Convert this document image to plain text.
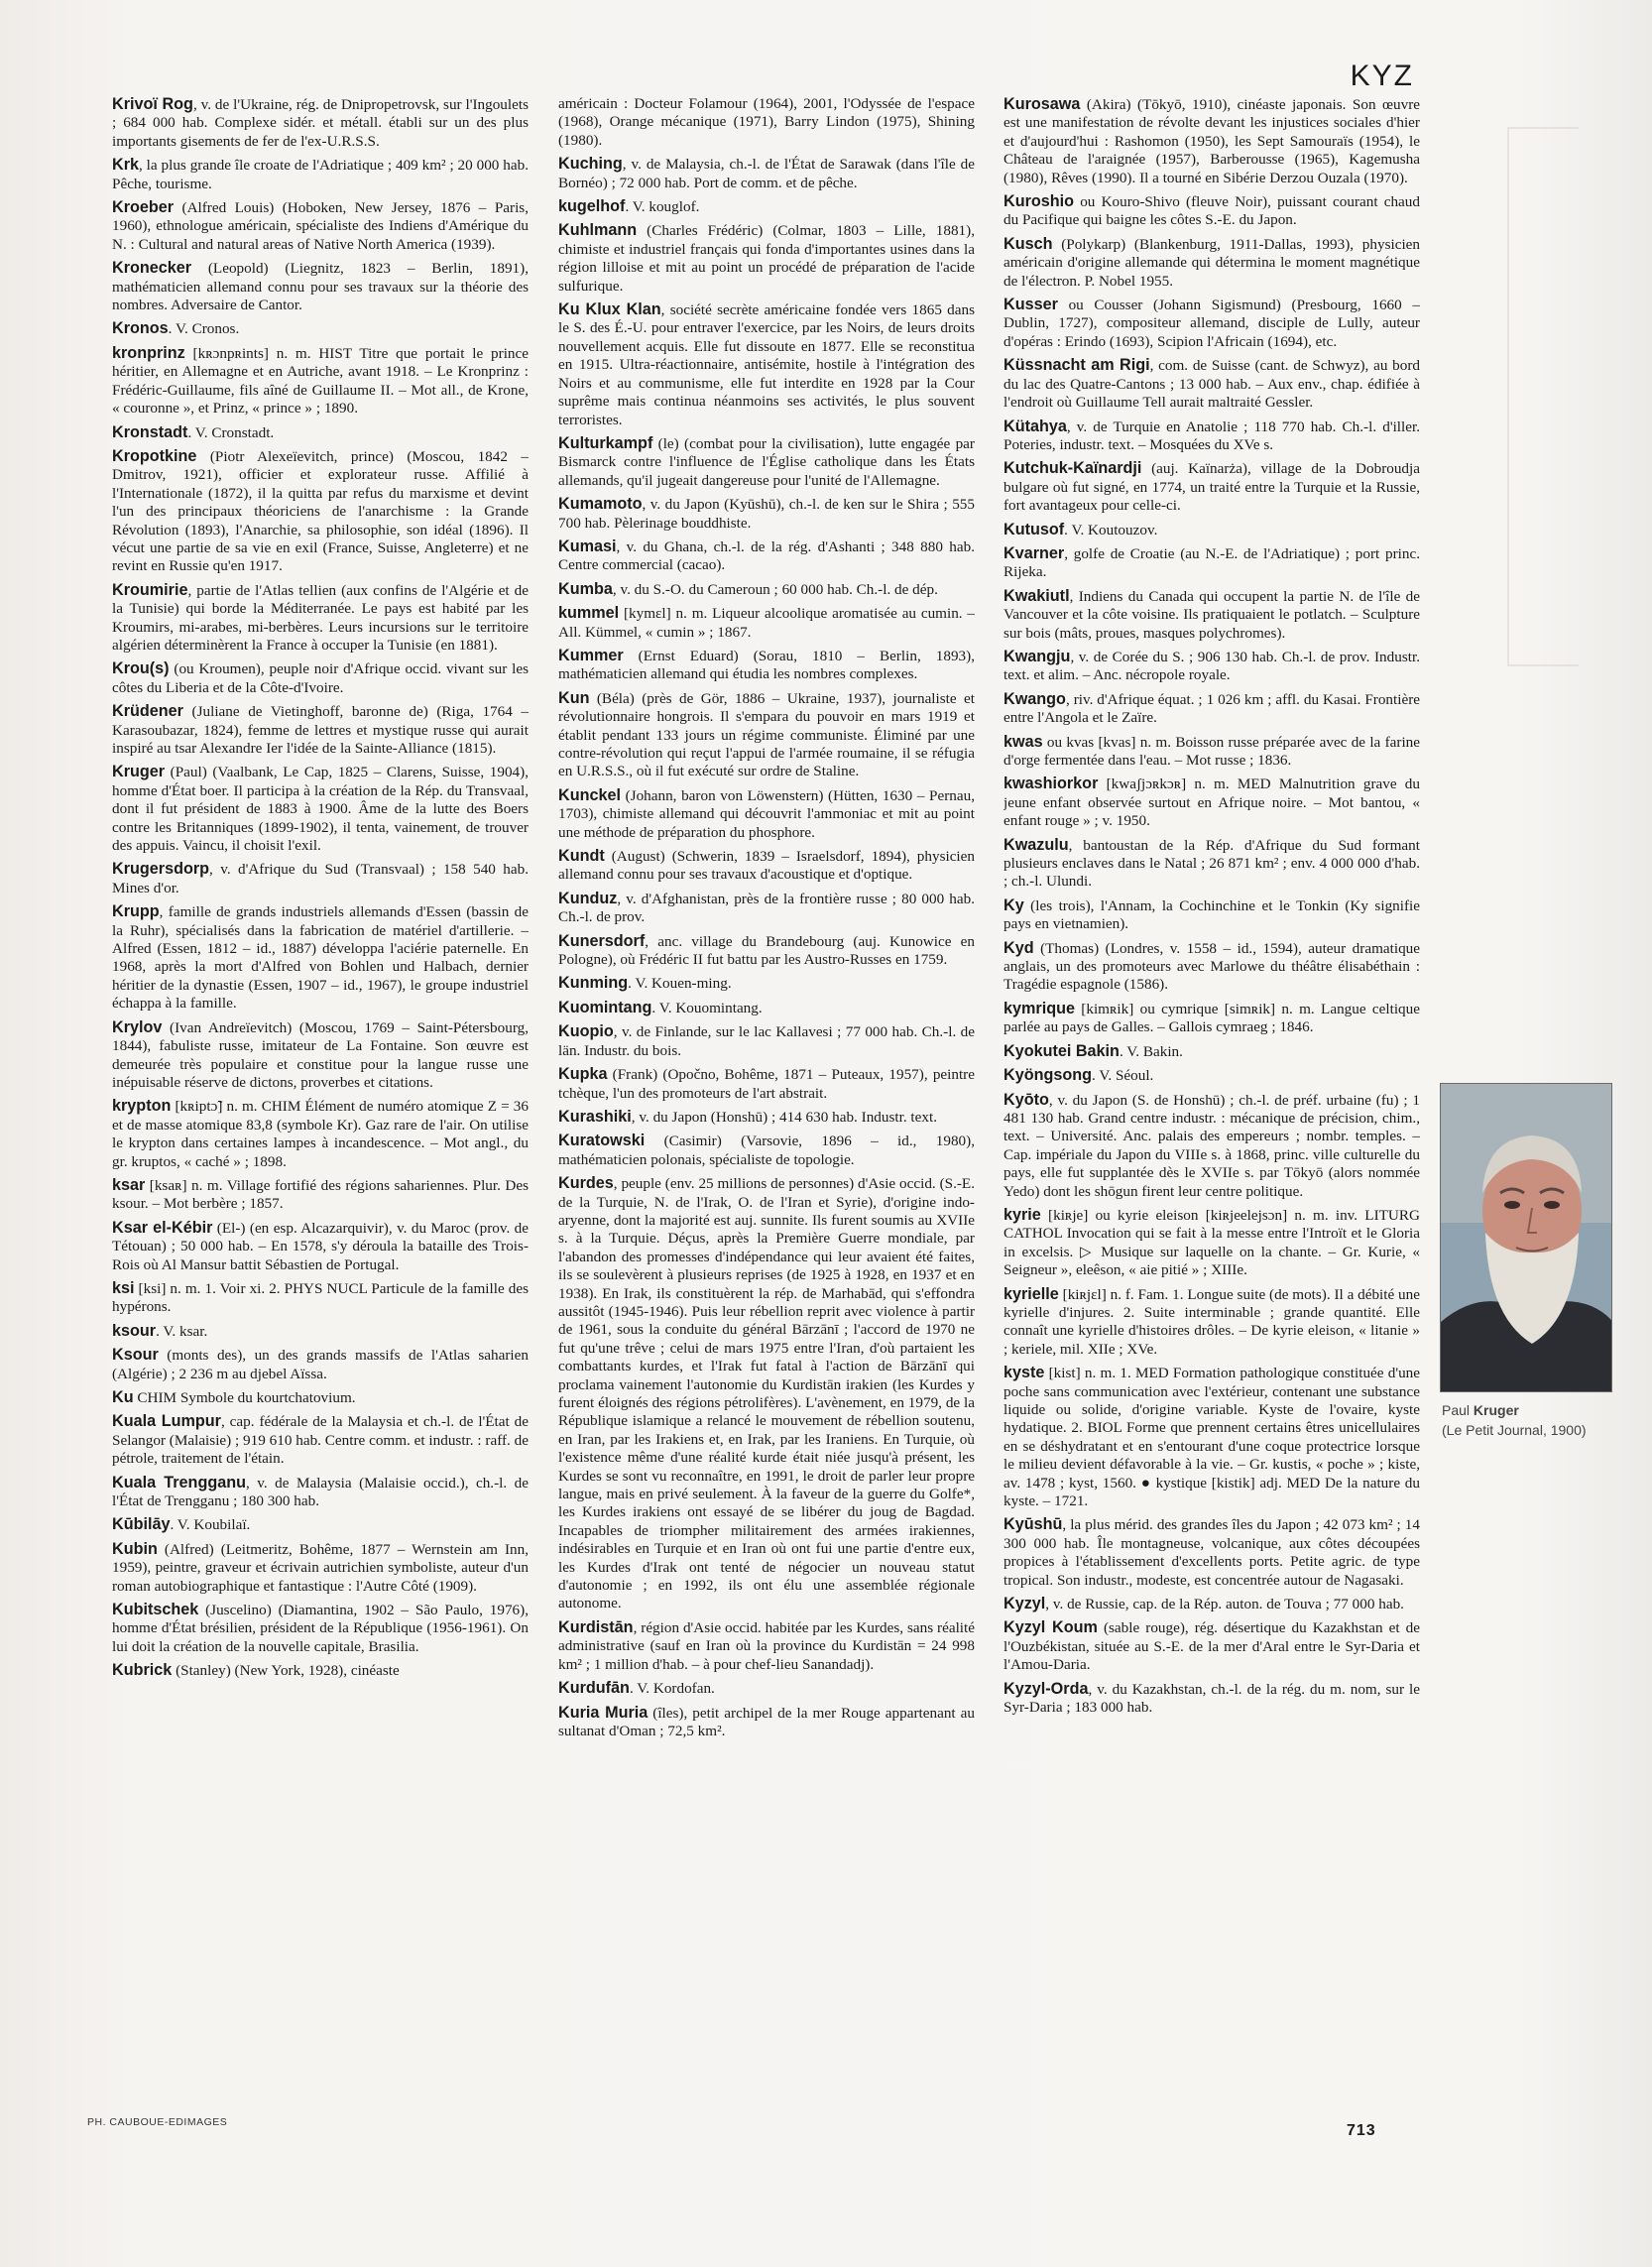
KYZ

Krivoï Rog, v. de l'Ukraine, rég. de Dnipropetrovsk, sur l'Ingoulets ; 684 000 hab. Complexe sidér. et métall. établi sur un des plus importants gisements de fer de l'ex-U.R.S.S.

Krk, la plus grande île croate de l'Adriatique ; 409 km² ; 20 000 hab. Pêche, tourisme.

Kroeber (Alfred Louis) (Hoboken, New Jersey, 1876 – Paris, 1960), ethnologue américain, spécialiste des Indiens d'Amérique du N. : Cultural and natural areas of Native North America (1939).

Kronecker (Leopold) (Liegnitz, 1823 – Berlin, 1891), mathématicien allemand connu pour ses travaux sur la théorie des nombres. Adversaire de Cantor.

Kronos. V. Cronos.

kronprinz [kʀɔnpʀints] n. m. HIST Titre que portait le prince héritier, en Allemagne et en Autriche, avant 1918. – Le Kronprinz : Frédéric-Guillaume, fils aîné de Guillaume II. – Mot all., de Krone, « couronne », et Prinz, « prince » ; 1890.

Kronstadt. V. Cronstadt.

Kropotkine (Piotr Alexeïevitch, prince) (Moscou, 1842 – Dmitrov, 1921), officier et explorateur russe. Affilié à l'Internationale (1872), il la quitta par refus du marxisme et devint l'un des principaux théoriciens de l'anarchisme : la Grande Révolution (1893), l'Anarchie, sa philosophie, son idéal (1896). Il vécut une partie de sa vie en exil (France, Suisse, Angleterre) et ne revint en Russie qu'en 1917.

Kroumirie, partie de l'Atlas tellien (aux confins de l'Algérie et de la Tunisie) qui borde la Méditerranée. Le pays est habité par les Kroumirs, mi-arabes, mi-berbères. Leurs incursions sur le territoire algérien déterminèrent la France à occuper la Tunisie (en 1881).

Krou(s) (ou Kroumen), peuple noir d'Afrique occid. vivant sur les côtes du Liberia et de la Côte-d'Ivoire.

Krüdener (Juliane de Vietinghoff, baronne de) (Riga, 1764 – Karasoubazar, 1824), femme de lettres et mystique russe qui aurait inspiré au tsar Alexandre Ier l'idée de la Sainte-Alliance (1815).

Kruger (Paul) (Vaalbank, Le Cap, 1825 – Clarens, Suisse, 1904), homme d'État boer. Il participa à la création de la Rép. du Transvaal, dont il fut président de 1883 à 1900. Âme de la lutte des Boers contre les Britanniques (1899-1902), il tenta, vainement, de trouver des appuis. Vaincu, il choisit l'exil.

Krugersdorp, v. d'Afrique du Sud (Transvaal) ; 158 540 hab. Mines d'or.

Krupp, famille de grands industriels allemands d'Essen (bassin de la Ruhr), spécialisés dans la fabrication de matériel d'artillerie. – Alfred (Essen, 1812 – id., 1887) développa l'aciérie paternelle. En 1968, après la mort d'Alfred von Bohlen und Halbach, dernier héritier de la dynastie (Essen, 1907 – id., 1967), le groupe industriel échappa à la famille.

Krylov (Ivan Andreïevitch) (Moscou, 1769 – Saint-Pétersbourg, 1844), fabuliste russe, imitateur de La Fontaine. Son œuvre est demeurée très populaire et constitue pour la langue russe une inépuisable réserve de dictons, proverbes et citations.

krypton [kʀiptɔ̃] n. m. CHIM Élément de numéro atomique Z = 36 et de masse atomique 83,8 (symbole Kr). Gaz rare de l'air. On utilise le krypton dans certaines lampes à incandescence. – Mot angl., du gr. kruptos, « caché » ; 1898.

ksar [ksaʀ] n. m. Village fortifié des régions sahariennes. Plur. Des ksour. – Mot berbère ; 1857.

Ksar el-Kébir (El-) (en esp. Alcazarquivir), v. du Maroc (prov. de Tétouan) ; 50 000 hab. – En 1578, s'y déroula la bataille des Trois-Rois où Al Mansur battit Sébastien de Portugal.

ksi [ksi] n. m. 1. Voir xi. 2. PHYS NUCL Particule de la famille des hypérons.

ksour. V. ksar.

Ksour (monts des), un des grands massifs de l'Atlas saharien (Algérie) ; 2 236 m au djebel Aïssa.

Ku CHIM Symbole du kourtchatovium.

Kuala Lumpur, cap. fédérale de la Malaysia et ch.-l. de l'État de Selangor (Malaisie) ; 919 610 hab. Centre comm. et industr. : raff. de pétrole, traitement de l'étain.

Kuala Trengganu, v. de Malaysia (Malaisie occid.), ch.-l. de l'État de Trengganu ; 180 300 hab.

Kūbilāy. V. Koubilaï.

Kubin (Alfred) (Leitmeritz, Bohême, 1877 – Wernstein am Inn, 1959), peintre, graveur et écrivain autrichien symboliste, auteur d'un roman autobiographique et fantastique : l'Autre Côté (1909).

Kubitschek (Juscelino) (Diamantina, 1902 – São Paulo, 1976), homme d'État brésilien, président de la République (1956-1961). On lui doit la création de la nouvelle capitale, Brasilia.

Kubrick (Stanley) (New York, 1928), cinéaste

américain : Docteur Folamour (1964), 2001, l'Odyssée de l'espace (1968), Orange mécanique (1971), Barry Lindon (1975), Shining (1980).

Kuching, v. de Malaysia, ch.-l. de l'État de Sarawak (dans l'île de Bornéo) ; 72 000 hab. Port de comm. et de pêche.

kugelhof. V. kouglof.

Kuhlmann (Charles Frédéric) (Colmar, 1803 – Lille, 1881), chimiste et industriel français qui fonda d'importantes usines dans la région lilloise et mit au point un procédé de préparation de l'acide sulfurique.

Ku Klux Klan, société secrète américaine fondée vers 1865 dans le S. des É.-U. pour entraver l'exercice, par les Noirs, de leurs droits nouvellement acquis. Elle fut dissoute en 1877. Elle se reconstitua en 1915. Ultra-réactionnaire, antisémite, hostile à l'intégration des Noirs et au communisme, elle fut interdite en 1928 par la Cour suprême mais continua néanmoins ses activités, le plus souvent terroristes.

Kulturkampf (le) (combat pour la civilisation), lutte engagée par Bismarck contre l'influence de l'Église catholique dans les États allemands, qu'il jugeait dangereuse pour l'unité de l'Allemagne.

Kumamoto, v. du Japon (Kyūshū), ch.-l. de ken sur le Shira ; 555 700 hab. Pèlerinage bouddhiste.

Kumasi, v. du Ghana, ch.-l. de la rég. d'Ashanti ; 348 880 hab. Centre commercial (cacao).

Kumba, v. du S.-O. du Cameroun ; 60 000 hab. Ch.-l. de dép.

kummel [kymɛl] n. m. Liqueur alcoolique aromatisée au cumin. – All. Kümmel, « cumin » ; 1867.

Kummer (Ernst Eduard) (Sorau, 1810 – Berlin, 1893), mathématicien allemand qui étudia les nombres complexes.

Kun (Béla) (près de Gör, 1886 – Ukraine, 1937), journaliste et révolutionnaire hongrois. Il s'empara du pouvoir en mars 1919 et établit pendant 133 jours un régime communiste. Éliminé par une contre-révolution qui reçut l'appui de l'armée roumaine, il se réfugia en U.R.S.S., où il fut exécuté sur ordre de Staline.

Kunckel (Johann, baron von Löwenstern) (Hütten, 1630 – Pernau, 1703), chimiste allemand qui découvrit l'ammoniac et mit au point une méthode de préparation du phosphore.

Kundt (August) (Schwerin, 1839 – Israelsdorf, 1894), physicien allemand connu pour ses travaux d'acoustique et d'optique.

Kunduz, v. d'Afghanistan, près de la frontière russe ; 80 000 hab. Ch.-l. de prov.

Kunersdorf, anc. village du Brandebourg (auj. Kunowice en Pologne), où Frédéric II fut battu par les Austro-Russes en 1759.

Kunming. V. Kouen-ming.

Kuomintang. V. Kouomintang.

Kuopio, v. de Finlande, sur le lac Kallavesi ; 77 000 hab. Ch.-l. de län. Industr. du bois.

Kupka (Frank) (Opočno, Bohême, 1871 – Puteaux, 1957), peintre tchèque, l'un des promoteurs de l'art abstrait.

Kurashiki, v. du Japon (Honshū) ; 414 630 hab. Industr. text.

Kuratowski (Casimir) (Varsovie, 1896 – id., 1980), mathématicien polonais, spécialiste de topologie.

Kurdes, peuple (env. 25 millions de personnes) d'Asie occid. (S.-E. de la Turquie, N. de l'Irak, O. de l'Iran et Syrie), d'origine indo-aryenne, dont la majorité est auj. sunnite. Ils furent soumis au XVIIe s. à la Turquie. Déçus, après la Première Guerre mondiale, par l'abandon des promesses d'indépendance qui leur avaient été faites, ils se soulevèrent à plusieurs reprises (de 1925 à 1928, en 1937 et en 1938). En Irak, ils constituèrent la rép. de Marhabād, qui s'effondra aussitôt (1945-1946). Puis leur rébellion reprit avec violence à partir de 1961, sous la conduite du général Bārzānī ; l'accord de 1970 ne fut qu'une trêve ; celui de mars 1975 entre l'Iran, d'où partaient les combattants kurdes, et l'Irak fut fatal à l'action de Bārzānī qui proclama vainement l'autonomie du Kurdistān irakien (les Kurdes y furent éloignés des régions pétrolifères). L'avènement, en 1979, de la République islamique a relancé le mouvement de rébellion soutenu, en Iran, par les Irakiens et, en Irak, par les Iraniens. En Turquie, où l'existence même d'une réalité kurde était niée jusqu'à présent, les Kurdes se sont vu reconnaître, en 1991, le droit de parler leur propre langue, mais en privé seulement. À la faveur de la guerre du Golfe*, les Kurdes irakiens ont essayé de se libérer du joug de Bagdad. Incapables de triompher militairement des armées irakiennes, indésirables en Turquie et en Iran où ont fui une partie d'entre eux, les Kurdes d'Irak ont tenté de négocier un nouveau statut d'autonomie ; en 1992, ils ont élu une assemblée régionale autonome.

Kurdistān, région d'Asie occid. habitée par les Kurdes, sans réalité administrative (sauf en Iran où la province du Kurdistān = 24 998 km² ; 1 million d'hab. – à pour chef-lieu Sanandadj).

Kurdufān. V. Kordofan.

Kuria Muria (îles), petit archipel de la mer Rouge appartenant au sultanat d'Oman ; 72,5 km².

Kurosawa (Akira) (Tōkyō, 1910), cinéaste japonais. Son œuvre est une manifestation de révolte devant les injustices sociales d'hier et d'aujourd'hui : Rashomon (1950), les Sept Samouraïs (1954), le Château de l'araignée (1957), Barberousse (1965), Kagemusha (1980), Rêves (1990). Il a tourné en Sibérie Derzou Ouzala (1970).

Kuroshio ou Kouro-Shivo (fleuve Noir), puissant courant chaud du Pacifique qui baigne les côtes S.-E. du Japon.

Kusch (Polykarp) (Blankenburg, 1911-Dallas, 1993), physicien américain d'origine allemande qui détermina le moment magnétique de l'électron. P. Nobel 1955.

Kusser ou Cousser (Johann Sigismund) (Presbourg, 1660 – Dublin, 1727), compositeur allemand, disciple de Lully, auteur d'opéras : Erindo (1693), Scipion l'Africain (1694), etc.

Küssnacht am Rigi, com. de Suisse (cant. de Schwyz), au bord du lac des Quatre-Cantons ; 13 000 hab. – Aux env., chap. édifiée à l'endroit où Guillaume Tell aurait maltraité Gessler.

Kütahya, v. de Turquie en Anatolie ; 118 770 hab. Ch.-l. d'iller. Poteries, industr. text. – Mosquées du XVe s.

Kutchuk-Kaïnardji (auj. Kaïnarża), village de la Dobroudja bulgare où fut signé, en 1774, un traité entre la Turquie et la Russie, fort avantageux pour celle-ci.

Kutusof. V. Koutouzov.

Kvarner, golfe de Croatie (au N.-E. de l'Adriatique) ; port princ. Rijeka.

Kwakiutl, Indiens du Canada qui occupent la partie N. de l'île de Vancouver et la côte voisine. Ils pratiquaient le potlatch. – Sculpture sur bois (mâts, proues, masques polychromes).

Kwangju, v. de Corée du S. ; 906 130 hab. Ch.-l. de prov. Industr. text. et alim. – Anc. nécropole royale.

Kwango, riv. d'Afrique équat. ; 1 026 km ; affl. du Kasai. Frontière entre l'Angola et le Zaïre.

kwas ou kvas [kvas] n. m. Boisson russe préparée avec de la farine d'orge fermentée dans l'eau. – Mot russe ; 1836.

kwashiorkor [kwaʃjɔʀkɔʀ] n. m. MED Malnutrition grave du jeune enfant observée surtout en Afrique noire. – Mot bantou, « enfant rouge » ; v. 1950.

Kwazulu, bantoustan de la Rép. d'Afrique du Sud formant plusieurs enclaves dans le Natal ; 26 871 km² ; env. 4 000 000 d'hab. ; ch.-l. Ulundi.

Ky (les trois), l'Annam, la Cochinchine et le Tonkin (Ky signifie pays en vietnamien).

Kyd (Thomas) (Londres, v. 1558 – id., 1594), auteur dramatique anglais, un des promoteurs avec Marlowe du théâtre élisabéthain : Tragédie espagnole (1586).

kymrique [kimʀik] ou cymrique [simʀik] n. m. Langue celtique parlée au pays de Galles. – Gallois cymraeg ; 1846.

Kyokutei Bakin. V. Bakin.

Kyöngsong. V. Séoul.

Kyōto, v. du Japon (S. de Honshū) ; ch.-l. de préf. urbaine (fu) ; 1 481 130 hab. Grand centre industr. : mécanique de précision, chim., text. – Université. Anc. palais des empereurs ; nombr. temples. – Cap. impériale du Japon du VIIIe s. à 1868, princ. ville culturelle du pays, elle fut supplantée dès le XVIIe s. par Tōkyō (alors nommée Yedo) dont les shōgun firent leur centre politique.

kyrie [kiʀje] ou kyrie eleison [kiʀjeelejsɔn] n. m. inv. LITURG CATHOL Invocation qui se fait à la messe entre l'Introït et le Gloria in excelsis. ▷ Musique sur laquelle on la chante. – Gr. Kurie, « Seigneur », eleêson, « aie pitié » ; XIIIe.

kyrielle [kiʀjɛl] n. f. Fam. 1. Longue suite (de mots). Il a débité une kyrielle d'injures. 2. Suite interminable ; grande quantité. Elle connaît une kyrielle d'histoires drôles. – De kyrie eleison, « litanie » ; keriele, mil. XIIe ; XVe.

kyste [kist] n. m. 1. MED Formation pathologique constituée d'une poche sans communication avec l'extérieur, contenant une substance liquide ou solide, d'origine variable. Kyste de l'ovaire, kyste hydatique. 2. BIOL Forme que prennent certains êtres unicellulaires en se déshydratant et en s'entourant d'une coque protectrice lorsque le milieu devient défavorable à la vie. – Gr. kustis, « poche » ; kiste, av. 1478 ; kyst, 1560. ● kystique [kistik] adj. MED De la nature du kyste. – 1721.

Kyūshū, la plus mérid. des grandes îles du Japon ; 42 073 km² ; 14 300 000 hab. Île montagneuse, volcanique, aux côtes découpées propices à l'établissement d'excellents ports. Petite agric. de type tropical. Son industr., modeste, est concentrée autour de Nagasaki.

Kyzyl, v. de Russie, cap. de la Rép. auton. de Touva ; 77 000 hab.

Kyzyl Koum (sable rouge), rég. désertique du Kazakhstan et de l'Ouzbékistan, située au S.-E. de la mer d'Aral entre le Syr-Daria et l'Amou-Daria.

Kyzyl-Orda, v. du Kazakhstan, ch.-l. de la rég. du m. nom, sur le Syr-Daria ; 183 000 hab.

Paul Kruger
(Le Petit Journal, 1900)
PH. CAUBOUE-EDIMAGES	713
